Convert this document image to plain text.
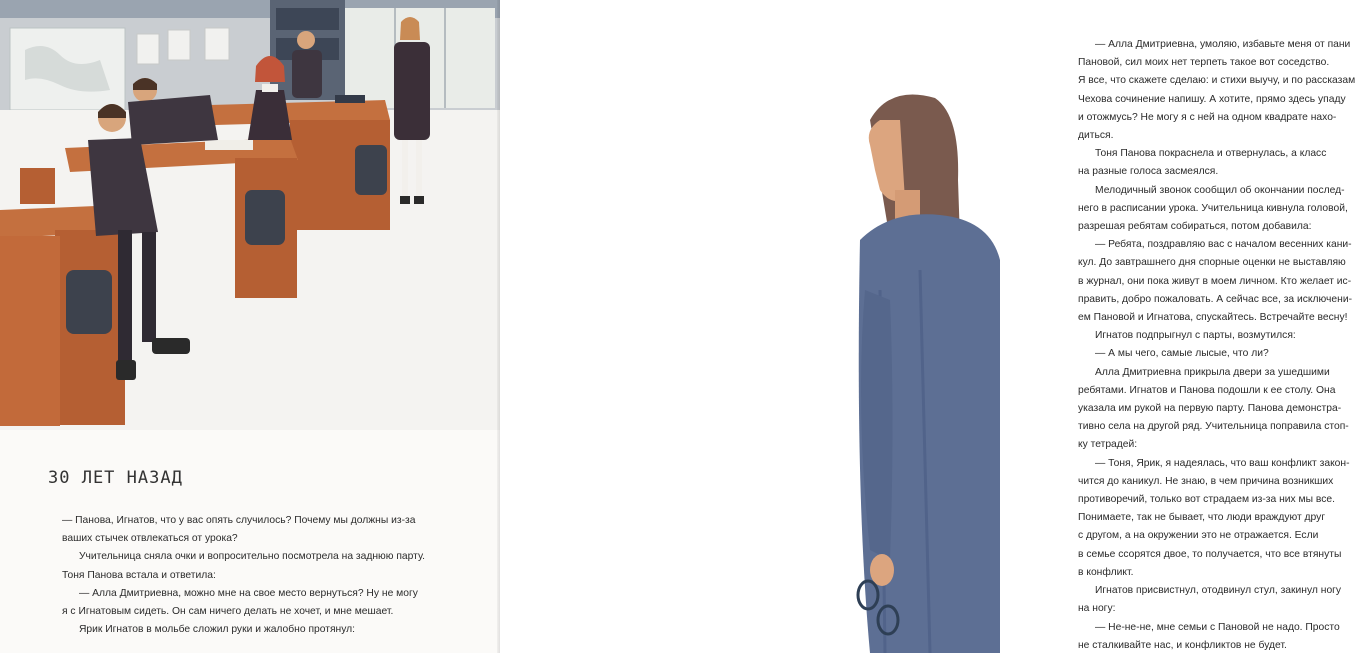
30 ЛЕТ НАЗАД

— Панова, Игнатов, что у вас опять случилось? Почему мы должны из-за

ваших стычек отвлекаться от урока?

Учительница сняла очки и вопросительно посмотрела на заднюю парту.

Тоня Панова встала и ответила:

— Алла Дмитриевна, можно мне на свое место вернуться? Ну не могу

я с Игнатовым сидеть. Он сам ничего делать не хочет, и мне мешает.

Ярик Игнатов в мольбе сложил руки и жалобно протянул:

— Алла Дмитриевна, умоляю, избавьте меня от пани

Пановой, сил моих нет терпеть такое вот соседство.

Я все, что скажете сделаю: и стихи выучу, и по рассказам

Чехова сочинение напишу. А хотите, прямо здесь упаду

и отожмусь? Не могу я с ней на одном квадрате нахо-

диться.

Тоня Панова покраснела и отвернулась, а класс

на разные голоса засмеялся.

Мелодичный звонок сообщил об окончании послед-

него в расписании урока. Учительница кивнула головой,

разрешая ребятам собираться, потом добавила:

— Ребята, поздравляю вас с началом весенних кани-

кул. До завтрашнего дня спорные оценки не выставляю

в журнал, они пока живут в моем личном. Кто желает ис-

править, добро пожаловать. А сейчас все, за исключени-

ем Пановой и Игнатова, спускайтесь. Встречайте весну!

Игнатов подпрыгнул с парты, возмутился:

— А мы чего, самые лысые, что ли?

Алла Дмитриевна прикрыла двери за ушедшими

ребятами. Игнатов и Панова подошли к ее столу. Она

указала им рукой на первую парту. Панова демонстра-

тивно села на другой ряд. Учительница поправила стоп-

ку тетрадей:

— Тоня, Ярик, я надеялась, что ваш конфликт закон-

чится до каникул. Не знаю, в чем причина возникших

противоречий, только вот страдаем из-за них мы все.

Понимаете, так не бывает, что люди враждуют друг

с другом, а на окружении это не отражается. Если

в семье ссорятся двое, то получается, что все втянуты

в конфликт.

Игнатов присвистнул, отодвинул стул, закинул ногу

на ногу:

— Не-не-не, мне семьи с Пановой не надо. Просто

не сталкивайте нас, и конфликтов не будет.
